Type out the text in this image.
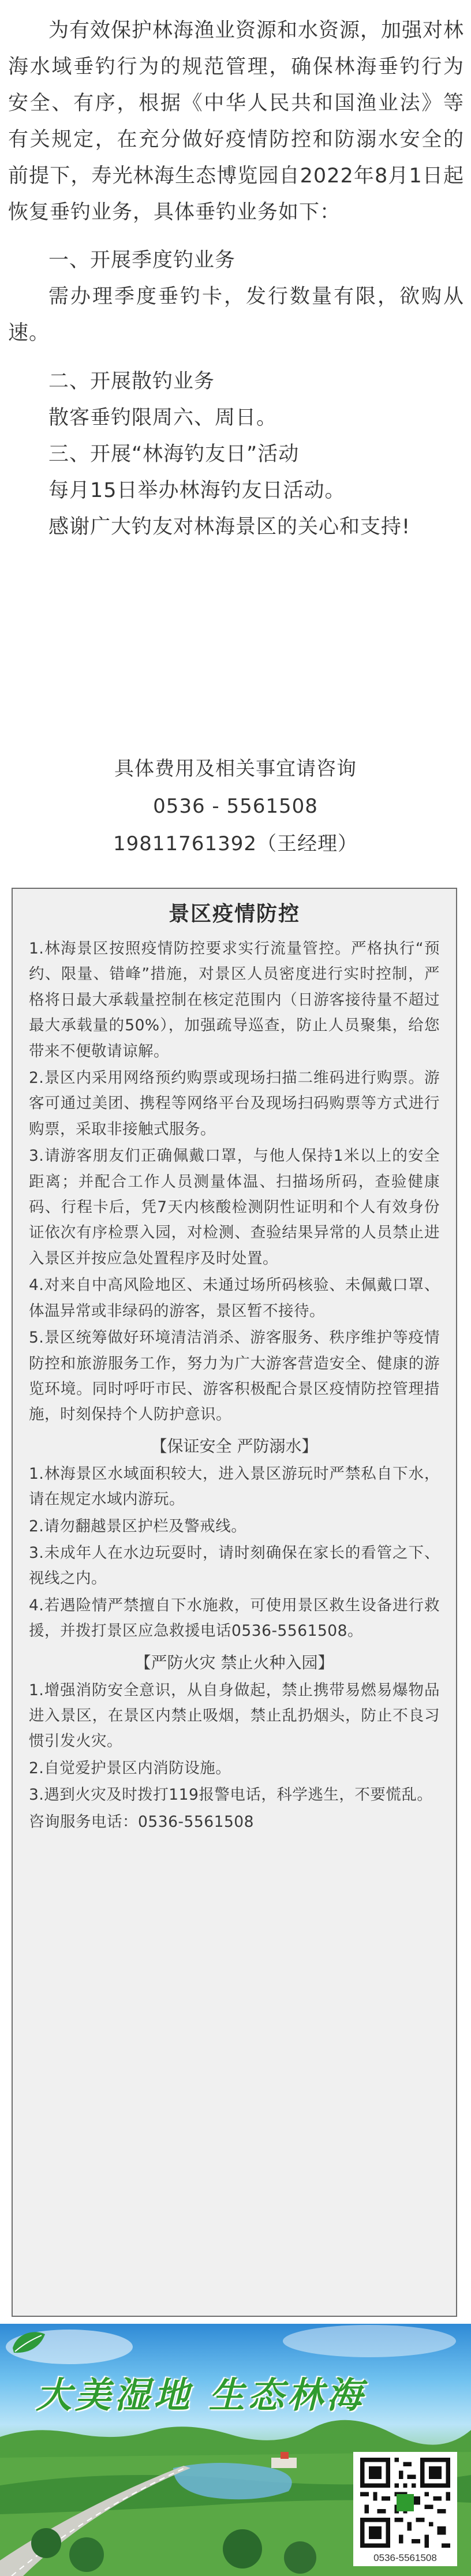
为有效保护林海渔业资源和水资源，加强对林海水域垂钓行为的规范管理，确保林海垂钓行为安全、有序，根据《中华人民共和国渔业法》等有关规定，在充分做好疫情防控和防溺水安全的前提下，寿光林海生态博览园自2022年8月1日起恢复垂钓业务，具体垂钓业务如下：

一、开展季度钓业务

需办理季度垂钓卡，发行数量有限，欲购从速。

二、开展散钓业务

散客垂钓限周六、周日。

三、开展“林海钓友日”活动

每月15日举办林海钓友日活动。

感谢广大钓友对林海景区的关心和支持!

具体费用及相关事宜请咨询
0536 - 5561508
19811761392（王经理）
景区疫情防控

1.林海景区按照疫情防控要求实行流量管控。严格执行“预约、限量、错峰”措施，对景区人员密度进行实时控制，严格将日最大承载量控制在核定范围内（日游客接待量不超过最大承载量的50%），加强疏导巡查，防止人员聚集，给您带来不便敬请谅解。

2.景区内采用网络预约购票或现场扫描二维码进行购票。游客可通过美团、携程等网络平台及现场扫码购票等方式进行购票，采取非接触式服务。

3.请游客朋友们正确佩戴口罩，与他人保持1米以上的安全距离；并配合工作人员测量体温、扫描场所码，查验健康码、行程卡后，凭7天内核酸检测阴性证明和个人有效身份证依次有序检票入园，对检测、查验结果异常的人员禁止进入景区并按应急处置程序及时处置。

4.对来自中高风险地区、未通过场所码核验、未佩戴口罩、体温异常或非绿码的游客，景区暂不接待。

5.景区统筹做好环境清洁消杀、游客服务、秩序维护等疫情防控和旅游服务工作，努力为广大游客营造安全、健康的游览环境。同时呼吁市民、游客积极配合景区疫情防控管理措施，时刻保持个人防护意识。

【保证安全 严防溺水】

1.林海景区水域面积较大，进入景区游玩时严禁私自下水，请在规定水域内游玩。

2.请勿翻越景区护栏及警戒线。

3.未成年人在水边玩耍时，请时刻确保在家长的看管之下、视线之内。

4.若遇险情严禁擅自下水施救，可使用景区救生设备进行救援，并拨打景区应急救援电话0536-5561508。

【严防火灾 禁止火种入园】

1.增强消防安全意识，从自身做起，禁止携带易燃易爆物品进入景区，在景区内禁止吸烟，禁止乱扔烟头，防止不良习惯引发火灾。

2.自觉爱护景区内消防设施。

3.遇到火灾及时拨打119报警电话，科学逃生，不要慌乱。

咨询服务电话：0536-5561508

大美湿地 生态林海
0536-5561508
